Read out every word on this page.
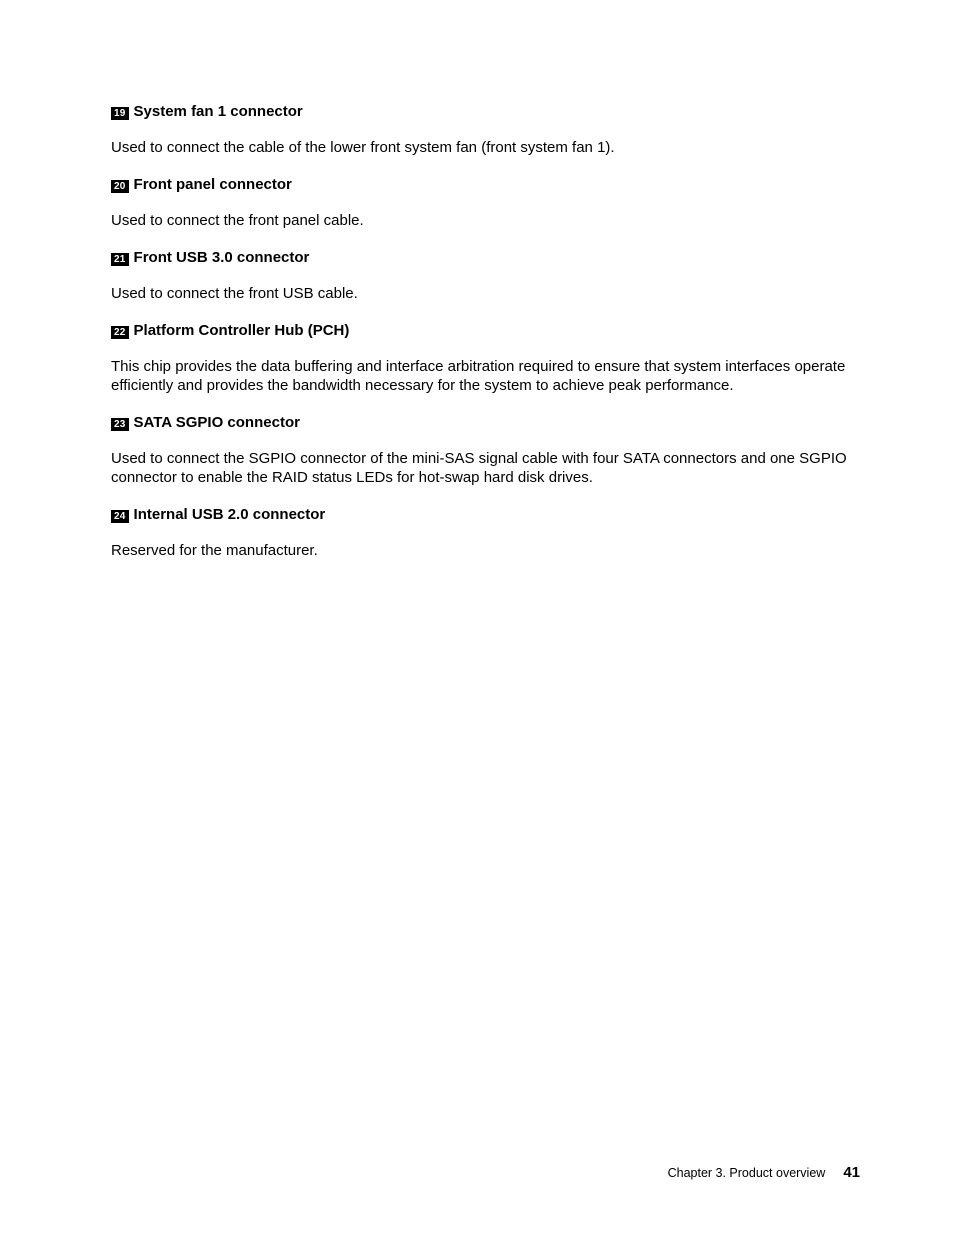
19 System fan 1 connector

Used to connect the cable of the lower front system fan (front system fan 1).

20 Front panel connector

Used to connect the front panel cable.

21 Front USB 3.0 connector

Used to connect the front USB cable.

22 Platform Controller Hub (PCH)

This chip provides the data buffering and interface arbitration required to ensure that system interfaces operate efficiently and provides the bandwidth necessary for the system to achieve peak performance.

23 SATA SGPIO connector

Used to connect the SGPIO connector of the mini-SAS signal cable with four SATA connectors and one SGPIO connector to enable the RAID status LEDs for hot-swap hard disk drives.

24 Internal USB 2.0 connector

Reserved for the manufacturer.

Chapter 3. Product overview 41
